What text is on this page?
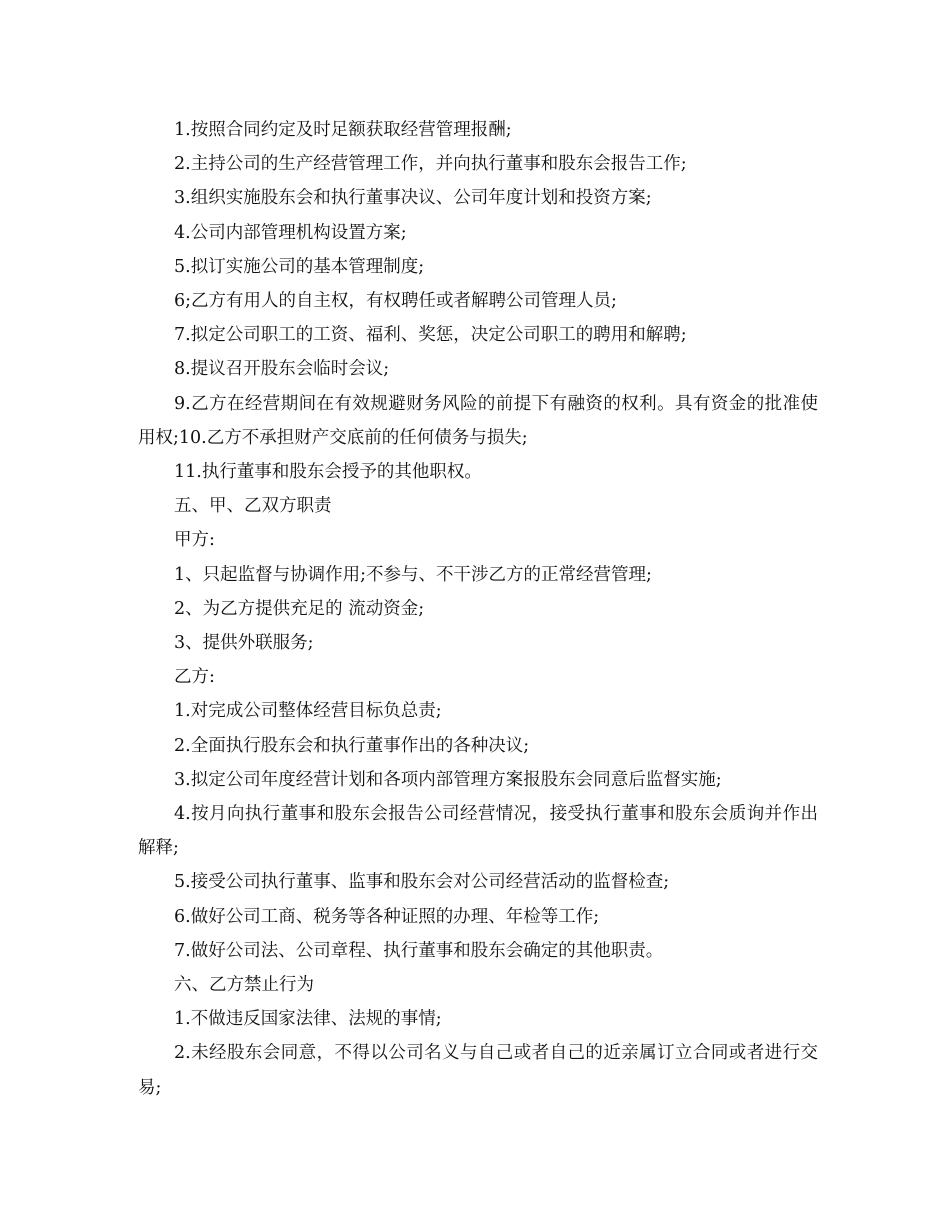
1.按照合同约定及时足额获取经营管理报酬;

2.主持公司的生产经营管理工作，并向执行董事和股东会报告工作;

3.组织实施股东会和执行董事决议、公司年度计划和投资方案;

4.公司内部管理机构设置方案;

5.拟订实施公司的基本管理制度;

6;乙方有用人的自主权，有权聘任或者解聘公司管理人员;

7.拟定公司职工的工资、福利、奖惩，决定公司职工的聘用和解聘;

8.提议召开股东会临时会议;

9.乙方在经营期间在有效规避财务风险的前提下有融资的权利。具有资金的批准使用权;10.乙方不承担财产交底前的任何债务与损失;

11.执行董事和股东会授予的其他职权。

五、甲、乙双方职责

甲方:

1、只起监督与协调作用;不参与、不干涉乙方的正常经营管理;

2、为乙方提供充足的 流动资金;

3、提供外联服务;

乙方:

1.对完成公司整体经营目标负总责;

2.全面执行股东会和执行董事作出的各种决议;

3.拟定公司年度经营计划和各项内部管理方案报股东会同意后监督实施;

4.按月向执行董事和股东会报告公司经营情况，接受执行董事和股东会质询并作出解释;

5.接受公司执行董事、监事和股东会对公司经营活动的监督检查;

6.做好公司工商、税务等各种证照的办理、年检等工作;

7.做好公司法、公司章程、执行董事和股东会确定的其他职责。

六、乙方禁止行为

1.不做违反国家法律、法规的事情;

2.未经股东会同意，不得以公司名义与自己或者自己的近亲属订立合同或者进行交易;
